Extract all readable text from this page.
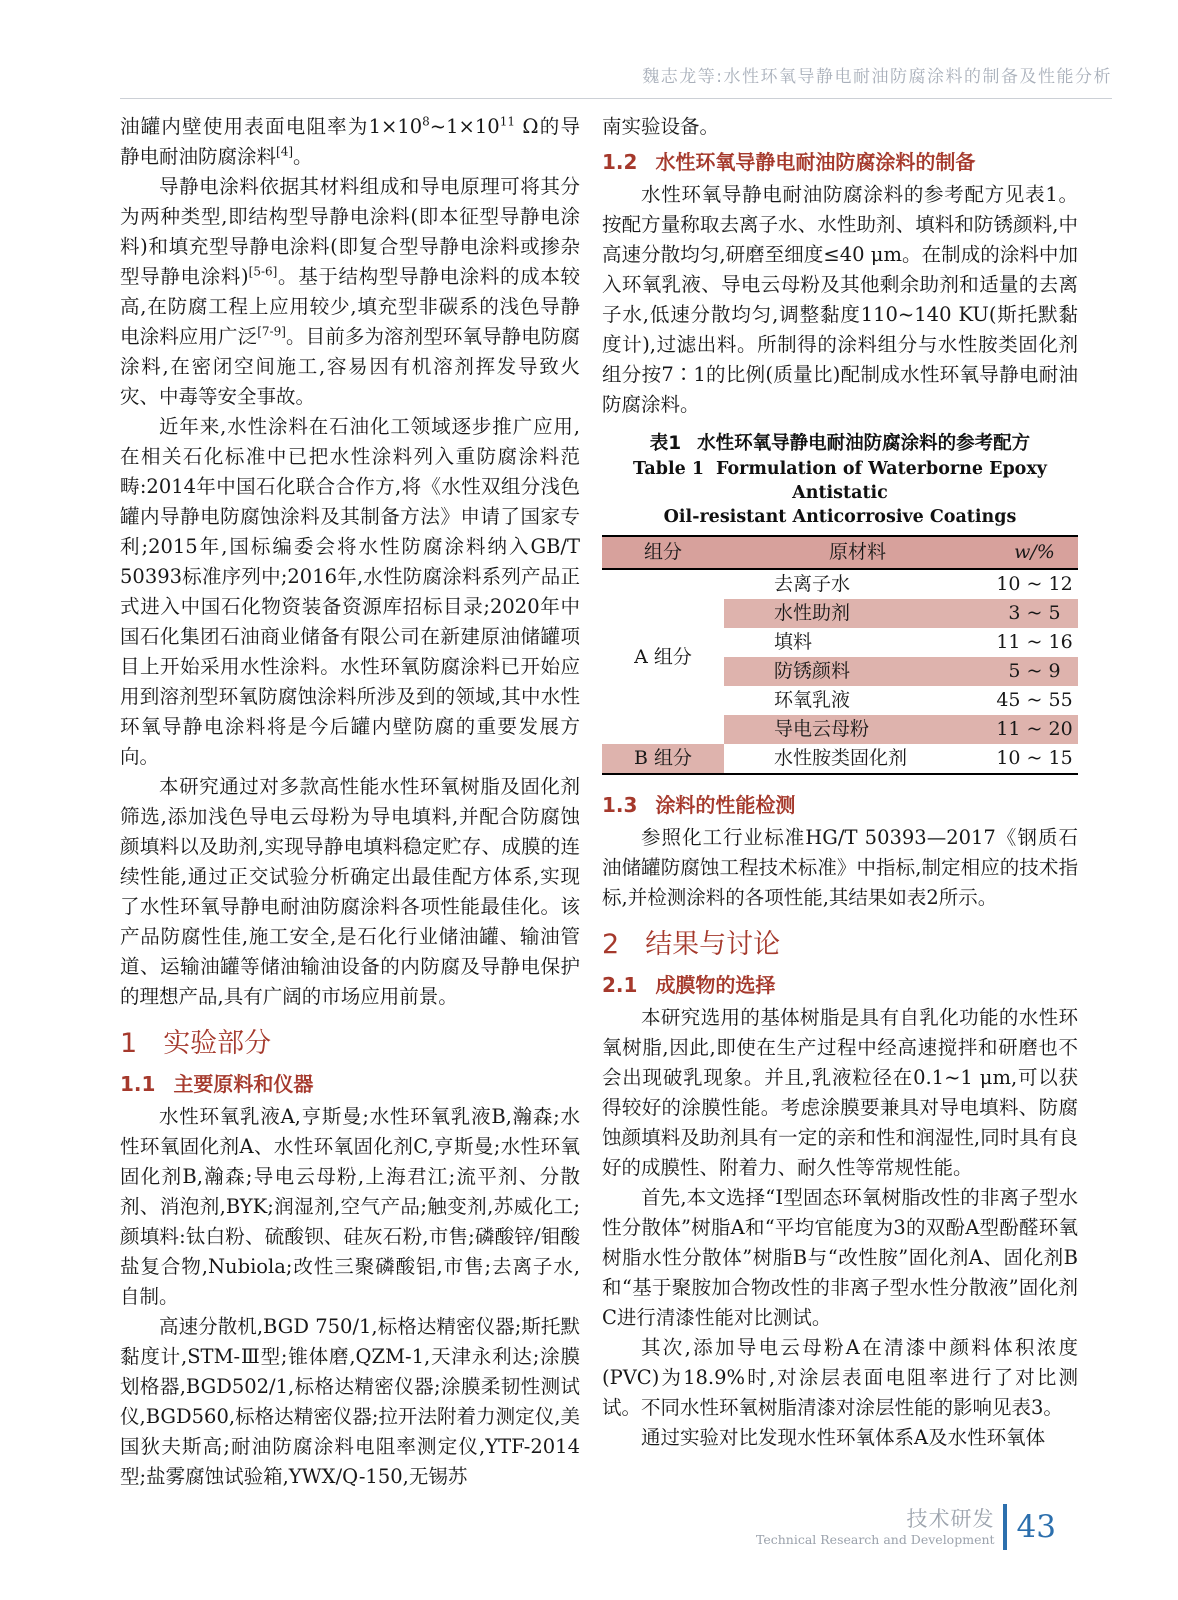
魏志龙等:水性环氧导静电耐油防腐涂料的制备及性能分析

油罐内壁使用表面电阻率为$1\times 10^8\sim 1\times 10^{11}$ Ω的导静电耐油防腐涂料[4]。

导静电涂料依据其材料组成和导电原理可将其分为两种类型,即结构型导静电涂料(即本征型导静电涂料)和填充型导静电涂料(即复合型导静电涂料或掺杂型导静电涂料)[5-6]。基于结构型导静电涂料的成本较高,在防腐工程上应用较少,填充型非碳系的浅色导静电涂料应用广泛[7-9]。目前多为溶剂型环氧导静电防腐涂料,在密闭空间施工,容易因有机溶剂挥发导致火灾、中毒等安全事故。

近年来,水性涂料在石油化工领域逐步推广应用,在相关石化标准中已把水性涂料列入重防腐涂料范畴:2014年中国石化联合合作方,将《水性双组分浅色罐内导静电防腐蚀涂料及其制备方法》申请了国家专利;2015年,国标编委会将水性防腐涂料纳入GB/T 50393标准序列中;2016年,水性防腐涂料系列产品正式进入中国石化物资装备资源库招标目录;2020年中国石化集团石油商业储备有限公司在新建原油储罐项目上开始采用水性涂料。水性环氧防腐涂料已开始应用到溶剂型环氧防腐蚀涂料所涉及到的领域,其中水性环氧导静电涂料将是今后罐内壁防腐的重要发展方向。

本研究通过对多款高性能水性环氧树脂及固化剂筛选,添加浅色导电云母粉为导电填料,并配合防腐蚀颜填料以及助剂,实现导静电填料稳定贮存、成膜的连续性能,通过正交试验分析确定出最佳配方体系,实现了水性环氧导静电耐油防腐涂料各项性能最佳化。该产品防腐性佳,施工安全,是石化行业储油罐、输油管道、运输油罐等储油输油设备的内防腐及导静电保护的理想产品,具有广阔的市场应用前景。

1 实验部分
1.1 主要原料和仪器

水性环氧乳液A,亨斯曼;水性环氧乳液B,瀚森;水性环氧固化剂A、水性环氧固化剂C,亨斯曼;水性环氧固化剂B,瀚森;导电云母粉,上海君江;流平剂、分散剂、消泡剂,BYK;润湿剂,空气产品;触变剂,苏威化工;颜填料:钛白粉、硫酸钡、硅灰石粉,市售;磷酸锌/钼酸盐复合物,Nubiola;改性三聚磷酸铝,市售;去离子水,自制。

高速分散机,BGD 750/1,标格达精密仪器;斯托默黏度计,STM-Ⅲ型;锥体磨,QZM-1,天津永利达;涂膜划格器,BGD502/1,标格达精密仪器;涂膜柔韧性测试仪,BGD560,标格达精密仪器;拉开法附着力测定仪,美国狄夫斯高;耐油防腐涂料电阻率测定仪,YTF-2014型;盐雾腐蚀试验箱,YWX/Q-150,无锡苏

南实验设备。

1.2 水性环氧导静电耐油防腐涂料的制备

水性环氧导静电耐油防腐涂料的参考配方见表1。按配方量称取去离子水、水性助剂、填料和防锈颜料,中高速分散均匀,研磨至细度≤40 μm。在制成的涂料中加入环氧乳液、导电云母粉及其他剩余助剂和适量的去离子水,低速分散均匀,调整黏度110~140 KU(斯托默黏度计),过滤出料。所制得的涂料组分与水性胺类固化剂组分按7∶1的比例(质量比)配制成水性环氧导静电耐油防腐涂料。

表1 水性环氧导静电耐油防腐涂料的参考配方
Table 1 Formulation of Waterborne Epoxy Antistatic
Oil-resistant Anticorrosive Coatings
组分	原材料	w/%
A 组分	去离子水	10 ~ 12
	水性助剂	3 ~ 5
	填料	11 ~ 16
	防锈颜料	5 ~ 9
	环氧乳液	45 ~ 55
	导电云母粉	11 ~ 20
B 组分	水性胺类固化剂	10 ~ 15
1.3 涂料的性能检测

参照化工行业标准HG/T 50393—2017《钢质石油储罐防腐蚀工程技术标准》中指标,制定相应的技术指标,并检测涂料的各项性能,其结果如表2所示。

2 结果与讨论
2.1 成膜物的选择

本研究选用的基体树脂是具有自乳化功能的水性环氧树脂,因此,即使在生产过程中经高速搅拌和研磨也不会出现破乳现象。并且,乳液粒径在0.1~1 μm,可以获得较好的涂膜性能。考虑涂膜要兼具对导电填料、防腐蚀颜填料及助剂具有一定的亲和性和润湿性,同时具有良好的成膜性、附着力、耐久性等常规性能。

首先,本文选择“Ⅰ型固态环氧树脂改性的非离子型水性分散体”树脂A和“平均官能度为3的双酚A型酚醛环氧树脂水性分散体”树脂B与“改性胺”固化剂A、固化剂B和“基于聚胺加合物改性的非离子型水性分散液”固化剂C进行清漆性能对比测试。

其次,添加导电云母粉A在清漆中颜料体积浓度(PVC)为18.9%时,对涂层表面电阻率进行了对比测试。不同水性环氧树脂清漆对涂层性能的影响见表3。

通过实验对比发现水性环氧体系A及水性环氧体

技术研发
Technical Research and Development 43
